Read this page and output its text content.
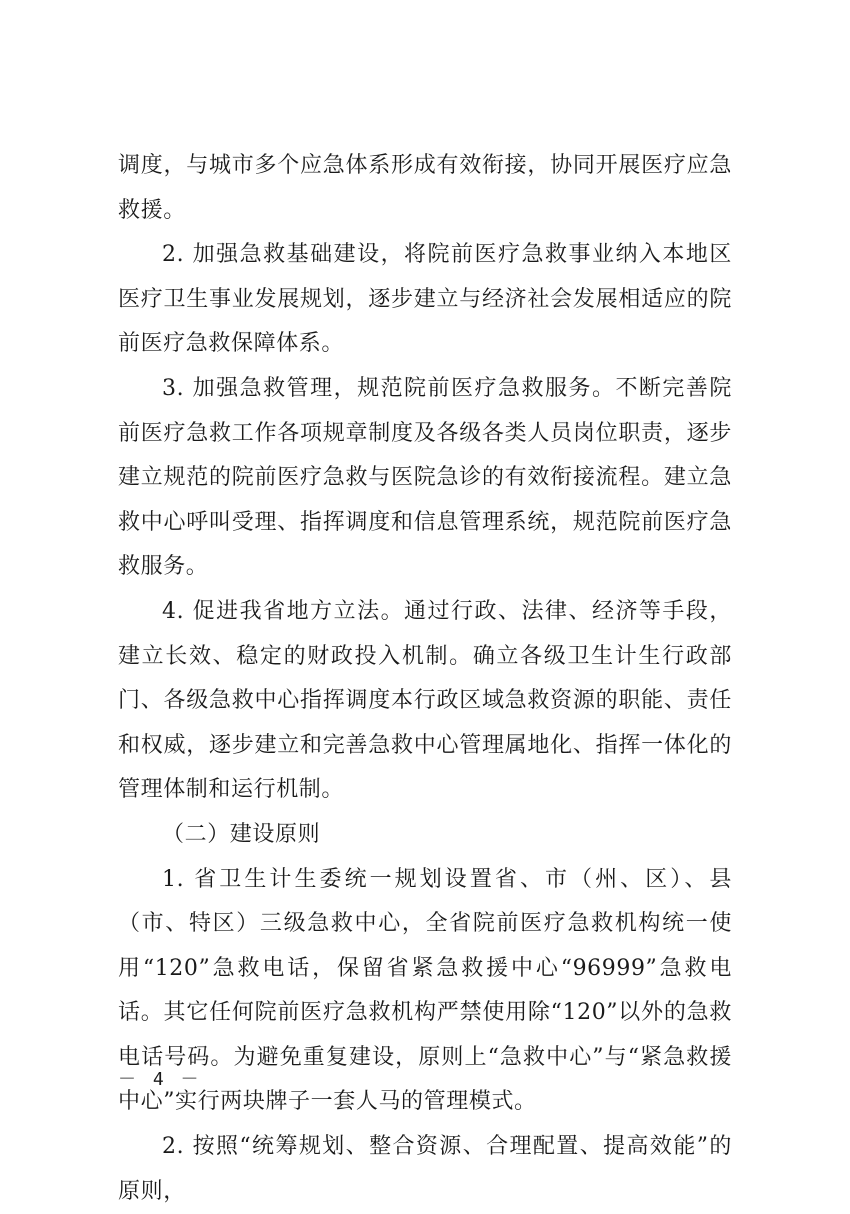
调度，与城市多个应急体系形成有效衔接，协同开展医疗应急救援。

2. 加强急救基础建设，将院前医疗急救事业纳入本地区医疗卫生事业发展规划，逐步建立与经济社会发展相适应的院前医疗急救保障体系。

3. 加强急救管理，规范院前医疗急救服务。不断完善院前医疗急救工作各项规章制度及各级各类人员岗位职责，逐步建立规范的院前医疗急救与医院急诊的有效衔接流程。建立急救中心呼叫受理、指挥调度和信息管理系统，规范院前医疗急救服务。

4. 促进我省地方立法。通过行政、法律、经济等手段，建立长效、稳定的财政投入机制。确立各级卫生计生行政部门、各级急救中心指挥调度本行政区域急救资源的职能、责任和权威，逐步建立和完善急救中心管理属地化、指挥一体化的管理体制和运行机制。

（二）建设原则

1. 省卫生计生委统一规划设置省、市（州、区）、县（市、特区）三级急救中心，全省院前医疗急救机构统一使用“120”急救电话，保留省紧急救援中心“96999”急救电话。其它任何院前医疗急救机构严禁使用除“120”以外的急救电话号码。为避免重复建设，原则上“急救中心”与“紧急救援中心”实行两块牌子一套人马的管理模式。

2. 按照“统筹规划、整合资源、合理配置、提高效能”的原则，

－ 4 －
